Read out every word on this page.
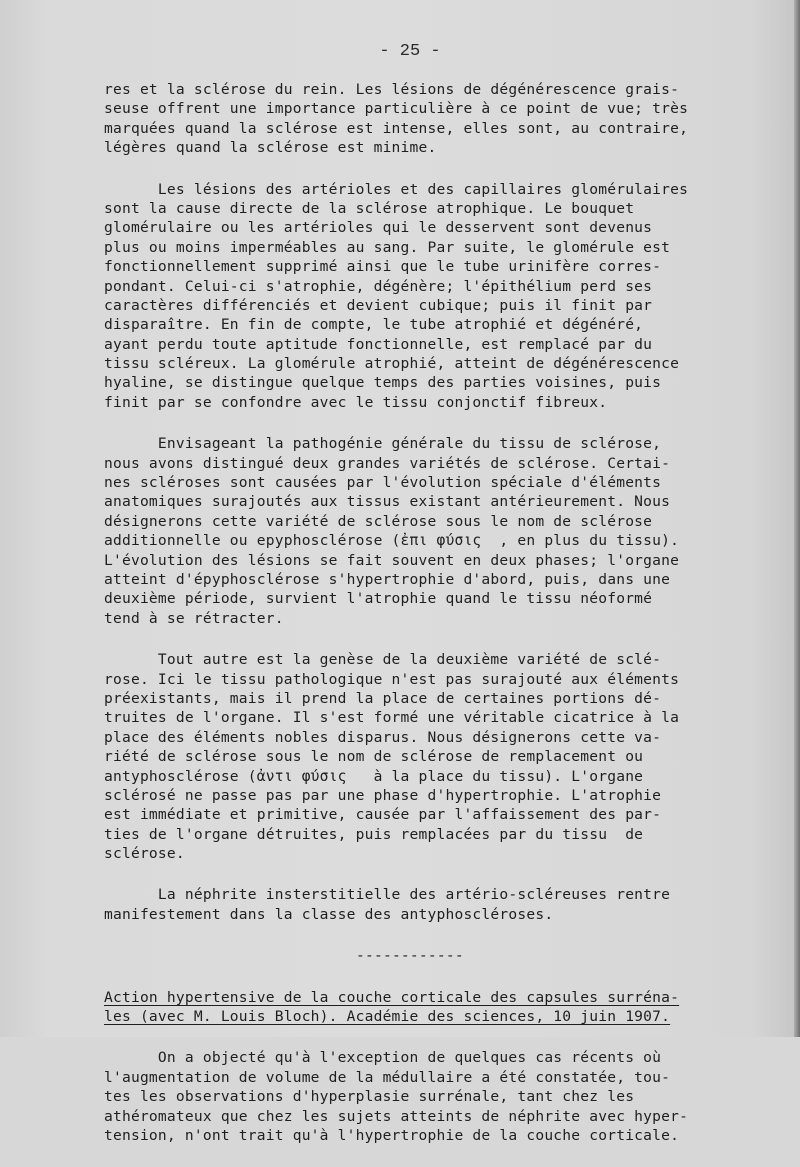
- 25 -
res et la sclérose du rein. Les lésions de dégénérescence grais-
seuse offrent une importance particulière à ce point de vue; très
marquées quand la sclérose est intense, elles sont, au contraire,
légères quand la sclérose est minime.
Les lésions des artérioles et des capillaires glomérulaires
sont la cause directe de la sclérose atrophique. Le bouquet
glomérulaire ou les artérioles qui le desservent sont devenus
plus ou moins imperméables au sang. Par suite, le glomérule est
fonctionnellement supprimé ainsi que le tube urinifère corres-
pondant. Celui-ci s'atrophie, dégénère; l'épithélium perd ses
caractères différenciés et devient cubique; puis il finit par
disparaître. En fin de compte, le tube atrophié et dégénéré,
ayant perdu toute aptitude fonctionnelle, est remplacé par du
tissu scléreux. La glomérule atrophié, atteint de dégénérescence
hyaline, se distingue quelque temps des parties voisines, puis
finit par se confondre avec le tissu conjonctif fibreux.
Envisageant la pathogénie générale du tissu de sclérose,
nous avons distingué deux grandes variétés de sclérose. Certai-
nes scléroses sont causées par l'évolution spéciale d'éléments
anatomiques surajoutés aux tissus existant antérieurement. Nous
désignerons cette variété de sclérose sous le nom de sclérose
additionnelle ou epyphosclérose (ἐπι φύσις  , en plus du tissu).
L'évolution des lésions se fait souvent en deux phases; l'organe
atteint d'épyphosclérose s'hypertrophie d'abord, puis, dans une
deuxième période, survient l'atrophie quand le tissu néoformé
tend à se rétracter.
Tout autre est la genèse de la deuxième variété de sclé-
rose. Ici le tissu pathologique n'est pas surajouté aux éléments
préexistants, mais il prend la place de certaines portions dé-
truites de l'organe. Il s'est formé une véritable cicatrice à la
place des éléments nobles disparus. Nous désignerons cette va-
riété de sclérose sous le nom de sclérose de remplacement ou
antyphosclérose (ἀντι φύσις   à la place du tissu). L'organe
sclérosé ne passe pas par une phase d'hypertrophie. L'atrophie
est immédiate et primitive, causée par l'affaissement des par-
ties de l'organe détruites, puis remplacées par du tissu  de
sclérose.
La néphrite insterstitielle des artério-scléreuses rentre
manifestement dans la classe des antyphoscléroses.
------------
Action hypertensive de la couche corticale des capsules surréna-
les (avec M. Louis Bloch). Académie des sciences, 10 juin 1907.
On a objecté qu'à l'exception de quelques cas récents où
l'augmentation de volume de la médullaire a été constatée, tou-
tes les observations d'hyperplasie surrénale, tant chez les
athéromateux que chez les sujets atteints de néphrite avec hyper-
tension, n'ont trait qu'à l'hypertrophie de la couche corticale.
